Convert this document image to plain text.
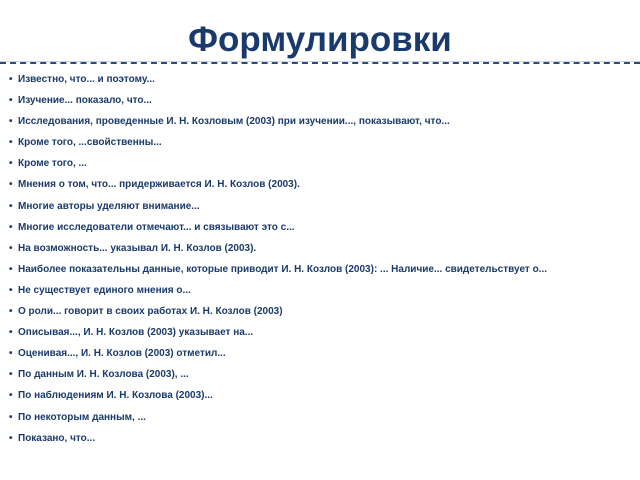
Формулировки
• Известно, что... и поэтому...
• Изучение... показало, что...
• Исследования, проведенные И. Н. Козловым (2003) при изучении..., показывают, что...
• Кроме того, ...свойственны...
• Кроме того, ...
• Мнения о том, что... придерживается И. Н. Козлов (2003).
• Многие авторы уделяют внимание...
• Многие исследователи отмечают... и связывают это с...
• На возможность... указывал И. Н. Козлов (2003).
• Наиболее показательны данные, которые приводит И. Н. Козлов (2003): ... Наличие... свидетельствует о...
• Не существует единого мнения о...
• О роли... говорит в своих работах И. Н. Козлов (2003)
• Описывая..., И. Н. Козлов (2003) указывает на...
• Оценивая..., И. Н. Козлов (2003) отметил...
• По данным И. Н. Козлова (2003), ...
• По наблюдениям И. Н. Козлова (2003)...
• По некоторым данным, ...
• Показано, что...
